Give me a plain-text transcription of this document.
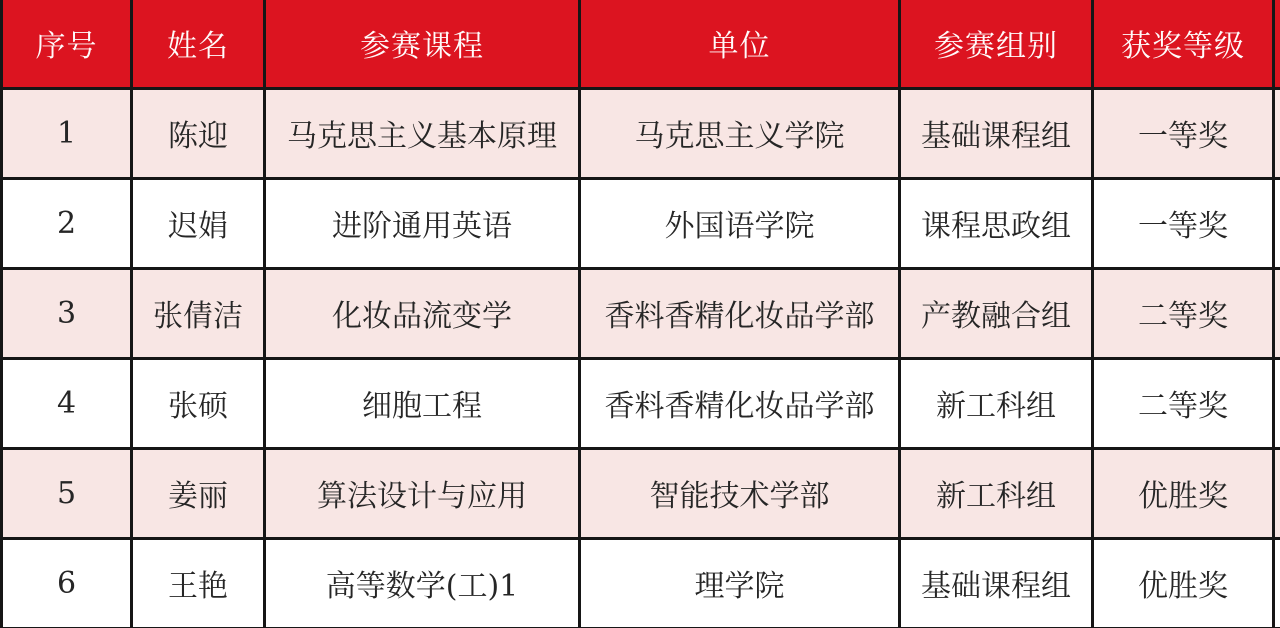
序号	姓名	参赛课程	单位	参赛组别	获奖等级	
1	陈迎	马克思主义基本原理	马克思主义学院	基础课程组	一等奖	
2	迟娟	进阶通用英语	外国语学院	课程思政组	一等奖	
3	张倩洁	化妆品流变学	香料香精化妆品学部	产教融合组	二等奖	
4	张硕	细胞工程	香料香精化妆品学部	新工科组	二等奖	
5	姜丽	算法设计与应用	智能技术学部	新工科组	优胜奖	
6	王艳	高等数学(工)1	理学院	基础课程组	优胜奖	
